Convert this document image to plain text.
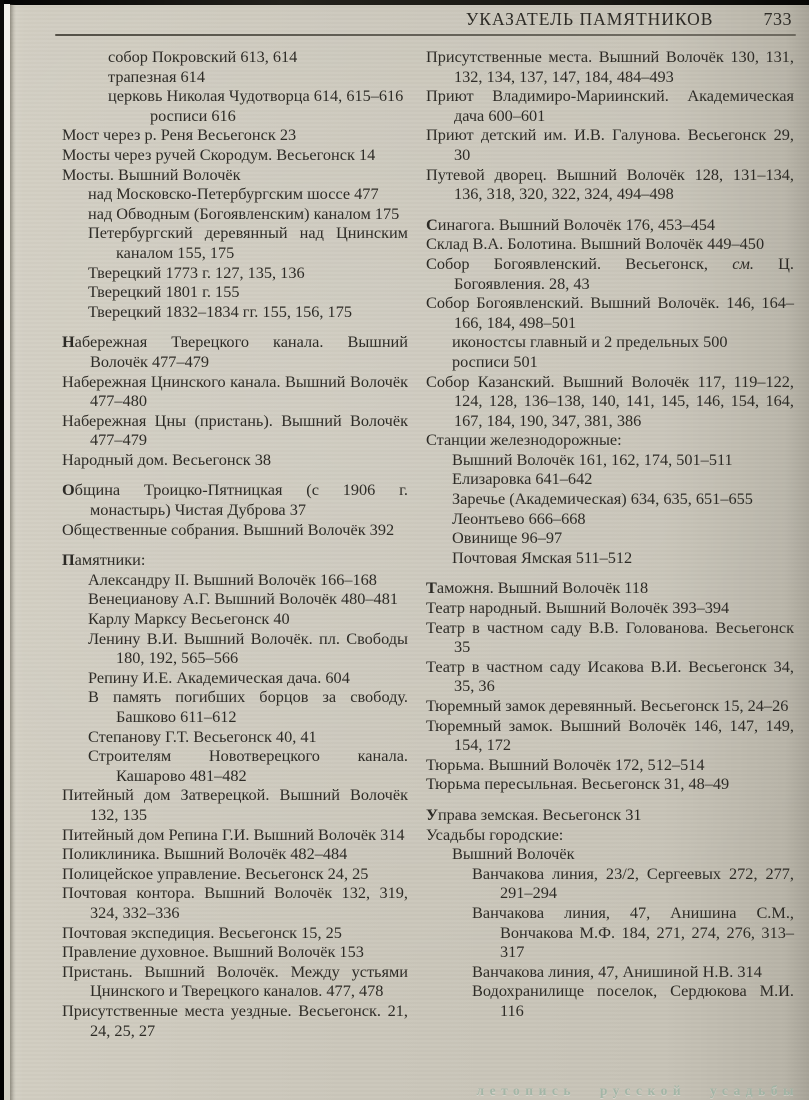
УКАЗАТЕЛЬ ПАМЯТНИКОВ	733
собор Покровский 613, 614
трапезная 614
церковь Николая Чудотворца 614, 615–616
росписи 616
Мост через р. Реня Весьегонск 23
Мосты через ручей Скородум. Весьегонск 14
Мосты. Вышний Волочёк
над Московско-Петербургским шоссе 477
над Обводным (Богоявленским) каналом 175
Петербургский деревянный над Цнинским каналом 155, 175
Тверецкий 1773 г. 127, 135, 136
Тверецкий 1801 г. 155
Тверецкий 1832–1834 гг. 155, 156, 175
Набережная Тверецкого канала. Вышний Волочёк 477–479
Набережная Цнинского канала. Вышний Волочёк 477–480
Набережная Цны (пристань). Вышний Волочёк 477–479
Народный дом. Весьегонск 38
Община Троицко-Пятницкая (с 1906 г. монастырь) Чистая Дуброва 37
Общественные собрания. Вышний Волочёк 392
Памятники:
Александру II. Вышний Волочёк 166–168
Венецианову А.Г. Вышний Волочёк 480–481
Карлу Марксу Весьегонск 40
Ленину В.И. Вышний Волочёк. пл. Свободы 180, 192, 565–566
Репину И.Е. Академическая дача. 604
В память погибших борцов за свободу. Башково 611–612
Степанову Г.Т. Весьегонск 40, 41
Строителям Новотверецкого канала. Кашарово 481–482
Питейный дом Затверецкой. Вышний Волочёк 132, 135
Питейный дом Репина Г.И. Вышний Волочёк 314
Поликлиника. Вышний Волочёк 482–484
Полицейское управление. Весьегонск 24, 25
Почтовая контора. Вышний Волочёк 132, 319, 324, 332–336
Почтовая экспедиция. Весьегонск 15, 25
Правление духовное. Вышний Волочёк 153
Пристань. Вышний Волочёк. Между устьями Цнинского и Тверецкого каналов. 477, 478
Присутственные места уездные. Весьегонск. 21, 24, 25, 27
Присутственные места. Вышний Волочёк 130, 131, 132, 134, 137, 147, 184, 484–493
Приют Владимиро-Мариинский. Академическая дача 600–601
Приют детский им. И.В. Галунова. Весьегонск 29, 30
Путевой дворец. Вышний Волочёк 128, 131–134, 136, 318, 320, 322, 324, 494–498
Синагога. Вышний Волочёк 176, 453–454
Склад В.А. Болотина. Вышний Волочёк 449–450
Собор Богоявленский. Весьегонск, см. Ц. Богоявления. 28, 43
Собор Богоявленский. Вышний Волочёк. 146, 164–166, 184, 498–501
иконостсы главный и 2 предельных 500
росписи 501
Собор Казанский. Вышний Волочёк 117, 119–122, 124, 128, 136–138, 140, 141, 145, 146, 154, 164, 167, 184, 190, 347, 381, 386
Станции железнодорожные:
Вышний Волочёк 161, 162, 174, 501–511
Елизаровка 641–642
Заречье (Академическая) 634, 635, 651–655
Леонтьево 666–668
Овинище 96–97
Почтовая Ямская 511–512
Таможня. Вышний Волочёк 118
Театр народный. Вышний Волочёк 393–394
Театр в частном саду В.В. Голованова. Весьегонск 35
Театр в частном саду Исакова В.И. Весьегонск 34, 35, 36
Тюремный замок деревянный. Весьегонск 15, 24–26
Тюремный замок. Вышний Волочёк 146, 147, 149, 154, 172
Тюрьма. Вышний Волочёк 172, 512–514
Тюрьма пересыльная. Весьегонск 31, 48–49
Управа земская. Весьегонск 31
Усадьбы городские:
Вышний Волочёк
Ванчакова линия, 23/2, Сергеевых 272, 277, 291–294
Ванчакова линия, 47, Анишина С.М., Вончакова М.Ф. 184, 271, 274, 276, 313–317
Ванчакова линия, 47, Анишиной Н.В. 314
Водохранилище поселок, Сердюкова М.И. 116
летопись русской усадьбы
